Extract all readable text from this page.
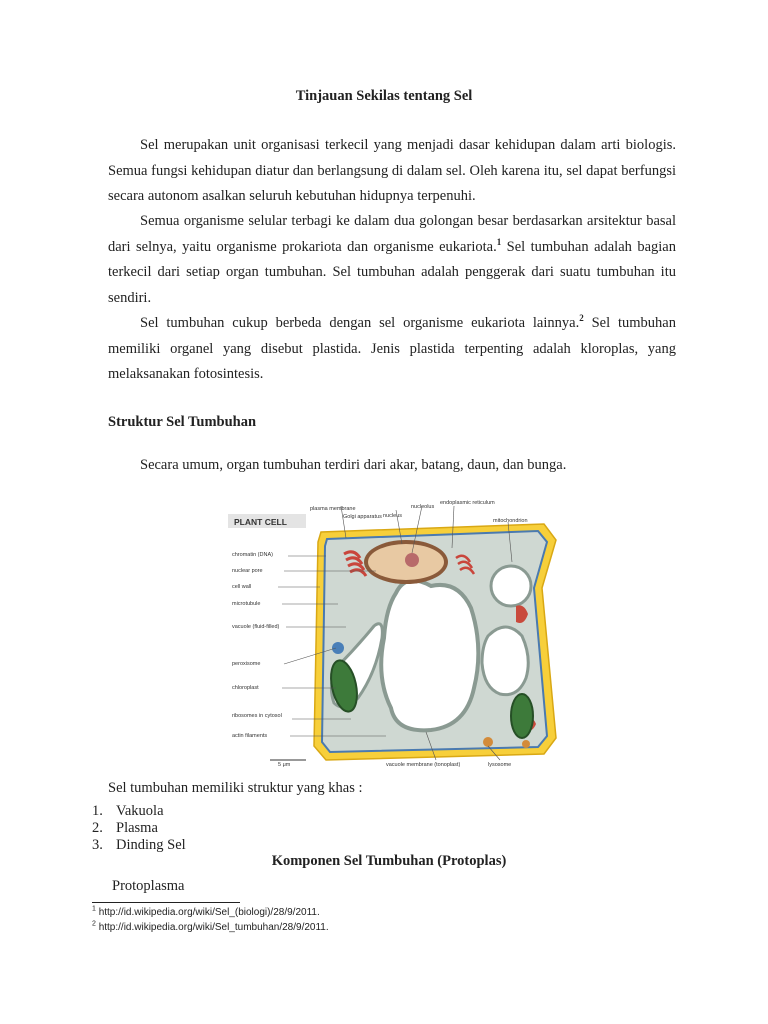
Tinjauan Sekilas tentang Sel

Sel merupakan unit organisasi terkecil yang menjadi dasar kehidupan dalam arti biologis. Semua fungsi kehidupan diatur dan berlangsung di dalam sel. Oleh karena itu, sel dapat berfungsi secara autonom asalkan seluruh kebutuhan hidupnya terpenuhi.

Semua organisme selular terbagi ke dalam dua golongan besar berdasarkan arsitektur basal dari selnya, yaitu organisme prokariota dan organisme eukariota.$^1$ Sel tumbuhan adalah bagian terkecil dari setiap organ tumbuhan. Sel tumbuhan adalah penggerak dari suatu tumbuhan itu sendiri.

Sel tumbuhan cukup berbeda dengan sel organisme eukariota lainnya.$^2$ Sel tumbuhan memiliki organel yang disebut plastida. Jenis plastida terpenting adalah kloroplas, yang melaksanakan fotosintesis.

Struktur Sel Tumbuhan
Secara umum, organ tumbuhan terdiri dari akar, batang, daun, dan bunga.
PLANT CELL
plasma membrane
Golgi apparatus nucleus
nucleolus
endoplasmic reticulum
mitochondrion
chromatin (DNA)
nuclear pore
cell wall
microtubule
vacuole (fluid-filled)
peroxisome
chloroplast
ribosomes in cytosol
actin filaments
vacuole membrane (tonoplast)	lysosome
5 μm
Sel tumbuhan memiliki struktur yang khas :
1. Vakuola
2. Plasma
3. Dinding Sel
Komponen Sel Tumbuhan (Protoplas)
Protoplasma
$^1$ http://id.wikipedia.org/wiki/Sel_(biologi)/28/9/2011.
$^2$ http://id.wikipedia.org/wiki/Sel_tumbuhan/28/9/2011.
